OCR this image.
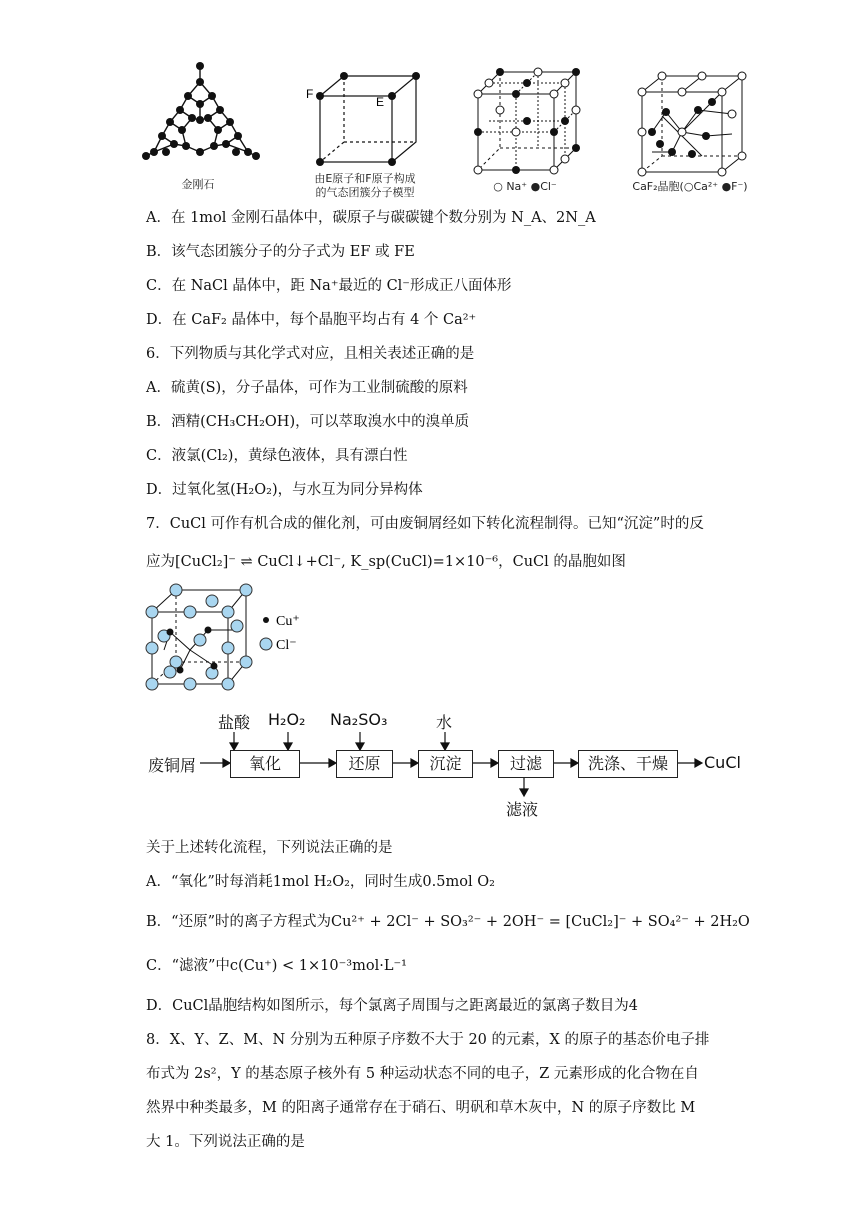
金刚石
F
E
由E原子和F原子构成
的气态团簇分子模型	○ Na⁺ ●Cl⁻	CaF₂晶胞(○Ca²⁺ ●F⁻)
A．在 1mol 金刚石晶体中，碳原子与碳碳键个数分别为 N_A、2N_A
B．该气态团簇分子的分子式为 EF 或 FE
C．在 NaCl 晶体中，距 Na⁺最近的 Cl⁻形成正八面体形
D．在 CaF₂ 晶体中，每个晶胞平均占有 4 个 Ca²⁺
6．下列物质与其化学式对应，且相关表述正确的是
A．硫黄(S)，分子晶体，可作为工业制硫酸的原料
B．酒精(CH₃CH₂OH)，可以萃取溴水中的溴单质
C．液氯(Cl₂)，黄绿色液体，具有漂白性
D．过氧化氢(H₂O₂)，与水互为同分异构体
7．CuCl 可作有机合成的催化剂，可由废铜屑经如下转化流程制得。已知“沉淀”时的反
应为[CuCl₂]⁻ ⇌ CuCl↓+Cl⁻, K_sp(CuCl)=1×10⁻⁶，CuCl 的晶胞如图
Cu⁺
Cl⁻
废铜屑	氧化	还原	沉淀	过滤	洗涤、干燥	CuCl
盐酸 H₂O₂ Na₂SO₃	水
滤液
关于上述转化流程，下列说法正确的是
A．“氧化”时每消耗1mol H₂O₂，同时生成0.5mol O₂
B．“还原”时的离子方程式为Cu²⁺ + 2Cl⁻ + SO₃²⁻ + 2OH⁻ = [CuCl₂]⁻ + SO₄²⁻ + 2H₂O
C．“滤液”中c(Cu⁺) < 1×10⁻³mol·L⁻¹
D．CuCl晶胞结构如图所示，每个氯离子周围与之距离最近的氯离子数目为4
8．X、Y、Z、M、N 分别为五种原子序数不大于 20 的元素，X 的原子的基态价电子排
布式为 2s²，Y 的基态原子核外有 5 种运动状态不同的电子，Z 元素形成的化合物在自
然界中种类最多，M 的阳离子通常存在于硝石、明矾和草木灰中，N 的原子序数比 M
大 1。下列说法正确的是
